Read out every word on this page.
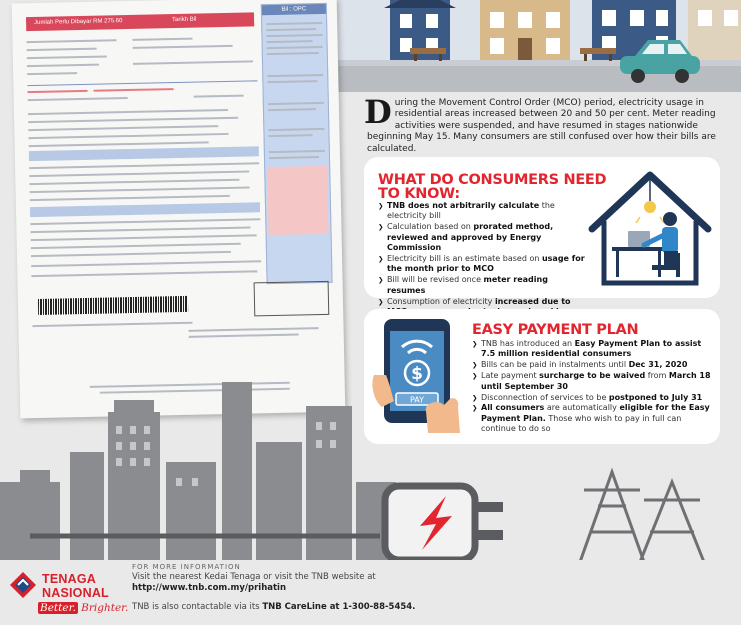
Jumlah Perlu Dibayar RM 275.60	Tarikh Bil
Bil : OPC
During the Movement Control Order (MCO) period, electricity usage in residential areas increased between 20 and 50 per cent. Meter reading activities were suspended, and have resumed in stages nationwide beginning May 15. Many consumers are still confused over how their bills are calculated.
WHAT DO CONSUMERS NEED
TO KNOW:
❯ TNB does not arbitrarily calculate the electricity bill
❯ Calculation based on prorated method, reviewed and approved by Energy Commission
❯ Electricity bill is an estimate based on usage for the month prior to MCO
❯ Bill will be revised once meter reading resumes
❯ Consumption of electricity increased due to
$
PAY
EASY PAYMENT PLAN
❯ TNB has introduced an Easy Payment Plan to assist 7.5 million residential consumers
❯ Bills can be paid in instalments until Dec 31, 2020
❯ Late payment surcharge to be waived from March 18 until September 30
❯ Disconnection of services to be postponed to July 31
❯ All consumers are automatically eligible for the Easy Payment Plan. Those who wish to pay in full can continue to do so
TENAGA
NASIONAL
Better. Brighter.
FOR MORE INFORMATION
Visit the nearest Kedai Tenaga or visit the TNB website at
http://www.tnb.com.my/prihatin
TNB is also contactable via its TNB CareLine at 1-300-88-5454.
